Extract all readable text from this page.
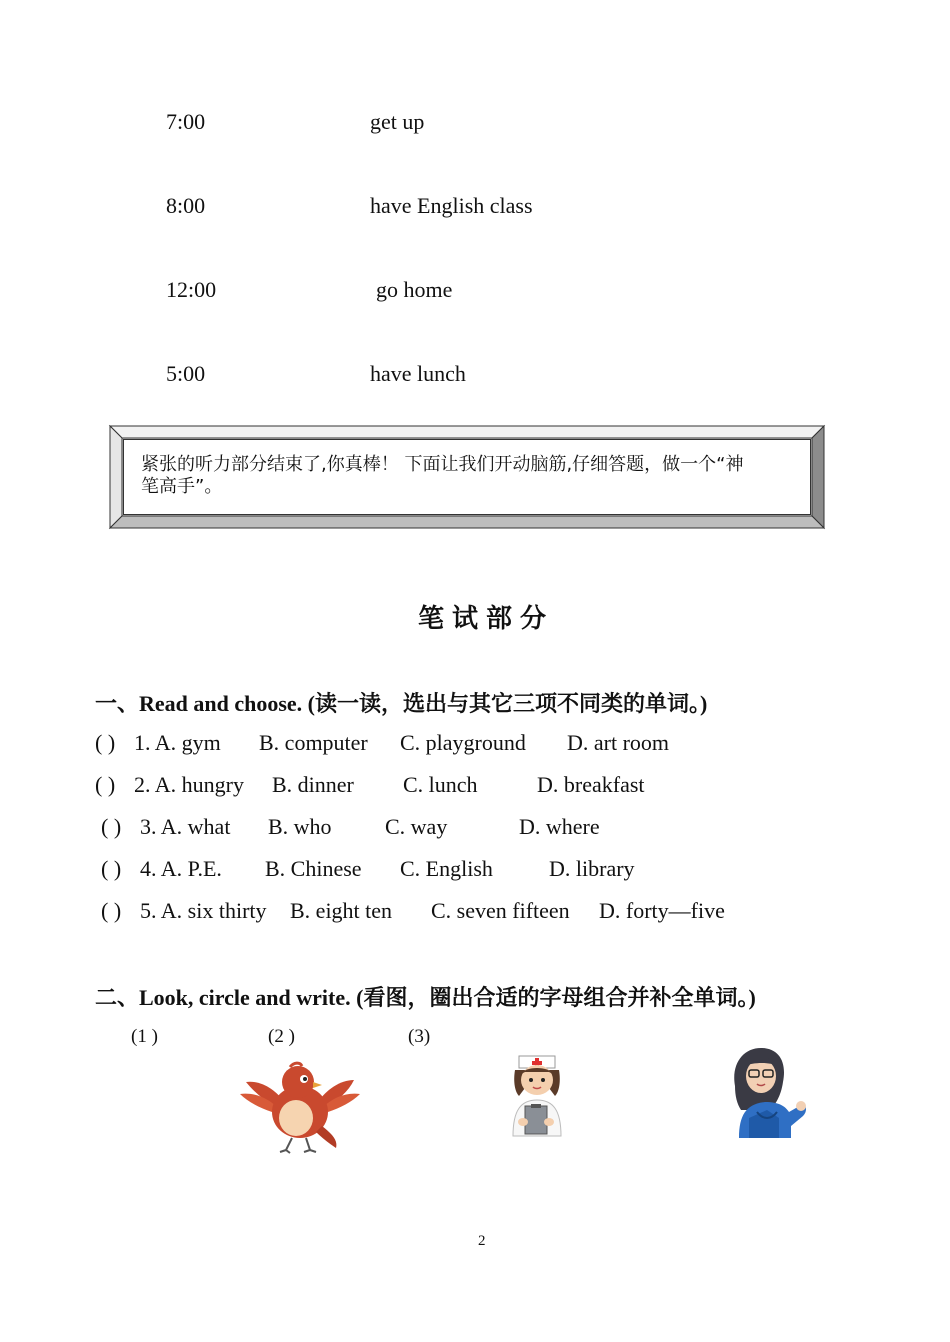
7:00	get up
8:00	have English class
12:00	go home
5:00	have lunch
紧张的听力部分结束了,你真棒！ 下面让我们开动脑筋,仔细答题，做一个“神笔高手”。
笔试部分
一、Read and choose. (读一读，选出与其它三项不同类的单词。)
( ) 1. A. gym B. computer C. playground D. art room
( ) 2. A. hungry B. dinner C. lunch	D. breakfast
( ) 3. A. what B. who C. way	D. where
( ) 4. A. P.E. B. Chinese C. English	D. library
( ) 5. A. six thirty B. eight ten C. seven fifteen D. forty—five
二、Look, circle and write. (看图，圈出合适的字母组合并补全单词。)
(1 )	(2 )	(3)
2
